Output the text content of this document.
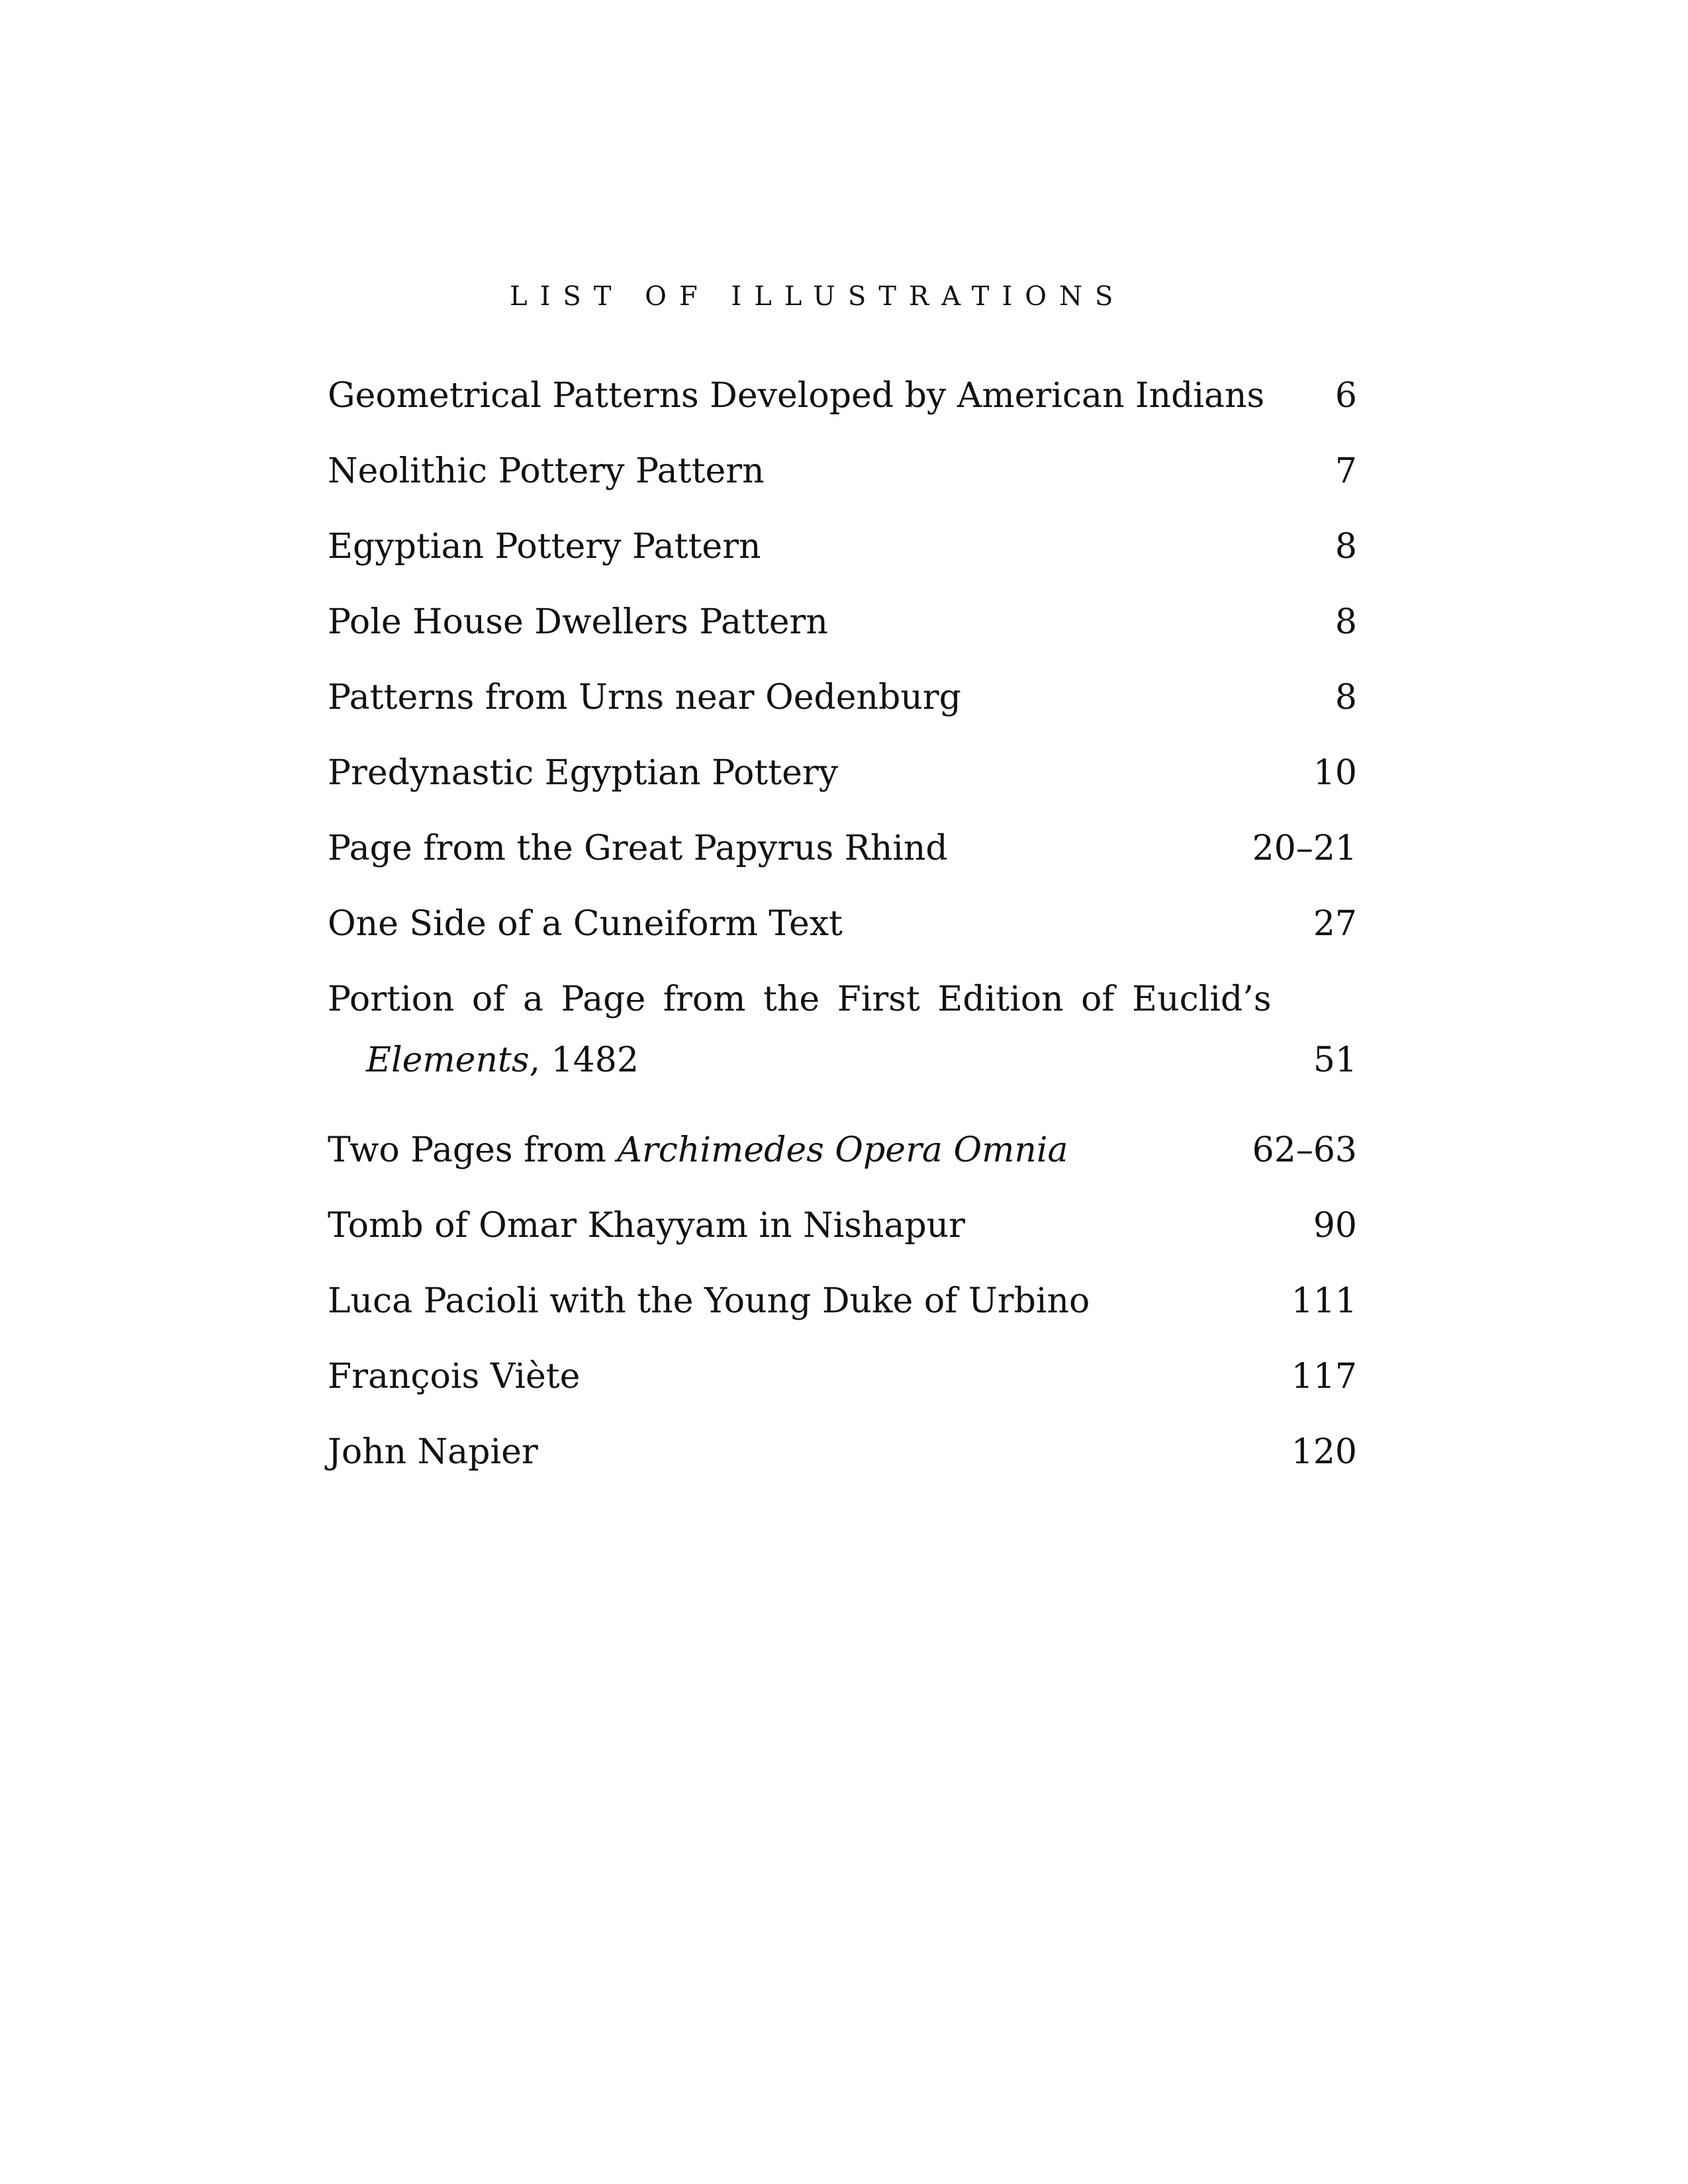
LIST OF ILLUSTRATIONS
Geometrical Patterns Developed by American Indians 6
Neolithic Pottery Pattern	7
Egyptian Pottery Pattern	8
Pole House Dwellers Pattern	8
Patterns from Urns near Oedenburg	8
Predynastic Egyptian Pottery	10
Page from the Great Papyrus Rhind	20–21
One Side of a Cuneiform Text	27
Portion of a Page from the First Edition of Euclid’s
Elements, 1482	51
Two Pages from Archimedes Opera Omnia	62–63
Tomb of Omar Khayyam in Nishapur	90
Luca Pacioli with the Young Duke of Urbino	111
François Viète	117
John Napier	120
